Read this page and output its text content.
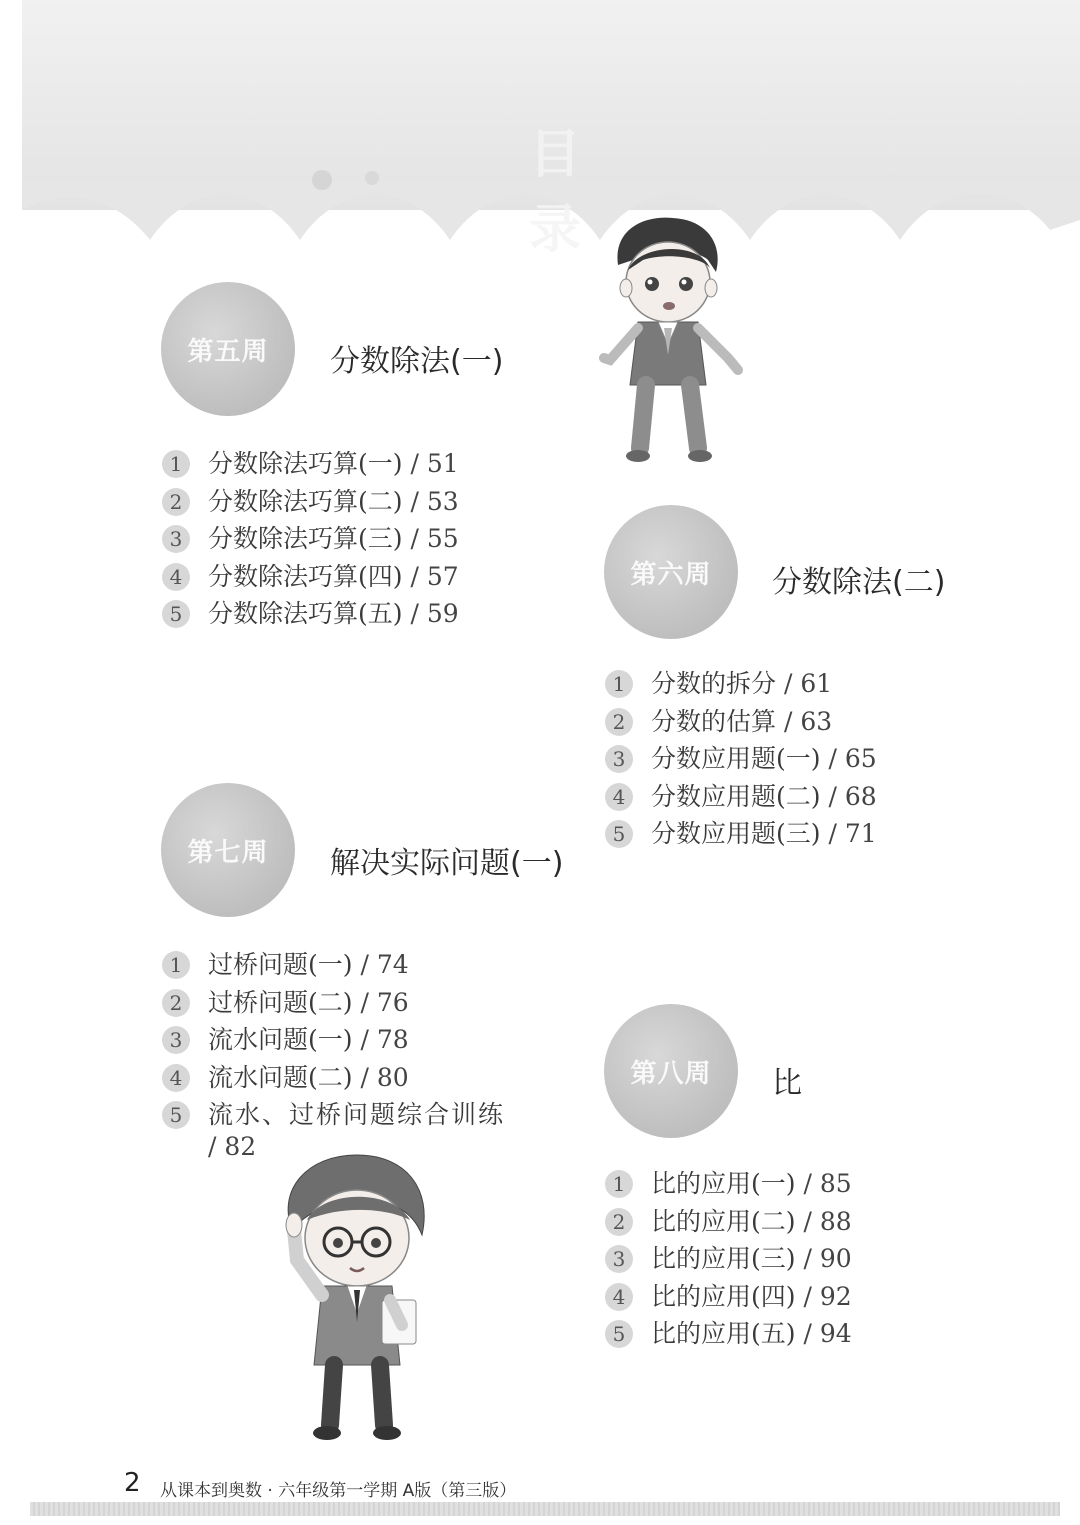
目 录
第五周	分数除法(一)
1	分数除法巧算(一) / 51
2	分数除法巧算(二) / 53
3	分数除法巧算(三) / 55
4	分数除法巧算(四) / 57
5	分数除法巧算(五) / 59
第六周	分数除法(二)
1	分数的拆分 / 61
2	分数的估算 / 63
3	分数应用题(一) / 65
4	分数应用题(二) / 68
5	分数应用题(三) / 71
第七周	解决实际问题(一)
1	过桥问题(一) / 74
2	过桥问题(二) / 76
3	流水问题(一) / 78
4	流水问题(二) / 80
5	流水、过桥问题综合训练
/ 82
第八周	比
1	比的应用(一) / 85
2	比的应用(二) / 88
3	比的应用(三) / 90
4	比的应用(四) / 92
5	比的应用(五) / 94
2 从课本到奥数 · 六年级第一学期 A版（第三版）
